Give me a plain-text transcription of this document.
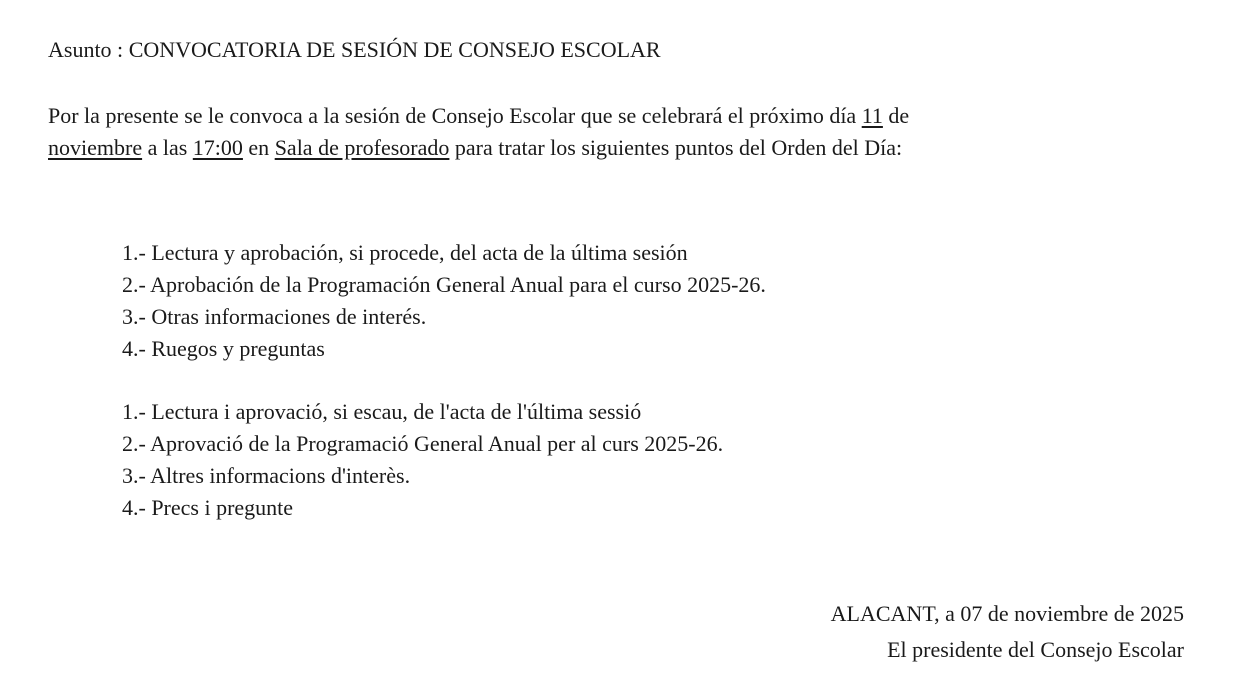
Asunto : CONVOCATORIA DE SESIÓN DE CONSEJO ESCOLAR
Por la presente se le convoca a la sesión de Consejo Escolar que se celebrará el próximo día 11 de
noviembre a las 17:00 en Sala de profesorado para tratar los siguientes puntos del Orden del Día:
1.- Lectura y aprobación, si procede, del acta de la última sesión
2.- Aprobación de la Programación General Anual para el curso 2025-26.
3.- Otras informaciones de interés.
4.- Ruegos y preguntas
1.- Lectura i aprovació, si escau, de l'acta de l'última sessió
2.- Aprovació de la Programació General Anual per al curs 2025-26.
3.- Altres informacions d'interès.
4.- Precs i pregunte
ALACANT, a 07 de noviembre de 2025
El presidente del Consejo Escolar
